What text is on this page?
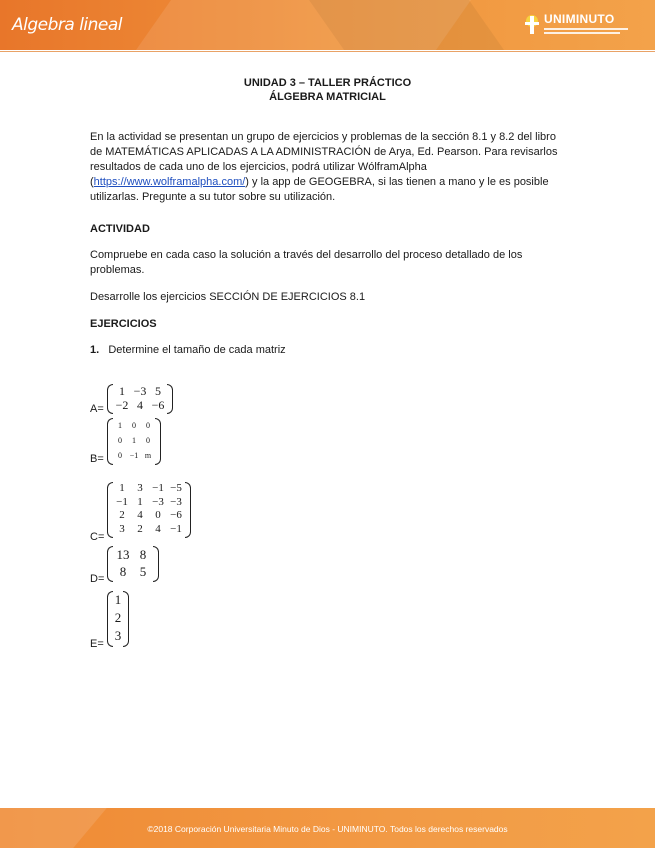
Algebra lineal	UNIMINUTO
UNIDAD 3 – TALLER PRÁCTICO
ÁLGEBRA MATRICIAL
En la actividad se presentan un grupo de ejercicios y problemas de la sección 8.1 y 8.2 del libro de MATEMÁTICAS APLICADAS A LA ADMINISTRACIÓN de Arya, Ed. Pearson. Para revisarlos resultados de cada uno de los ejercicios, podrá utilizar WólframAlpha (https://www.wolframalpha.com/) y la app de GEOGEBRA, si las tienen a mano y le es posible utilizarlas. Pregunte a su tutor sobre su utilización.
ACTIVIDAD
Compruebe en cada caso la solución a través del desarrollo del proceso detallado de los problemas.
Desarrolle los ejercicios SECCIÓN DE EJERCICIOS 8.1
EJERCICIOS
1. Determine el tamaño de cada matriz
A=
1 −3 5
−2 4 −6
B=
1	0	0
0	1	0
0 −1 m
C=
1	3 −1 −5
−1 1 −3 −3
2	4	0 −6
3	2	4 −1
D=
13 8
8	5
E=
1
2
3
©2018 Corporación Universitaria Minuto de Dios - UNIMINUTO. Todos los derechos reservados
